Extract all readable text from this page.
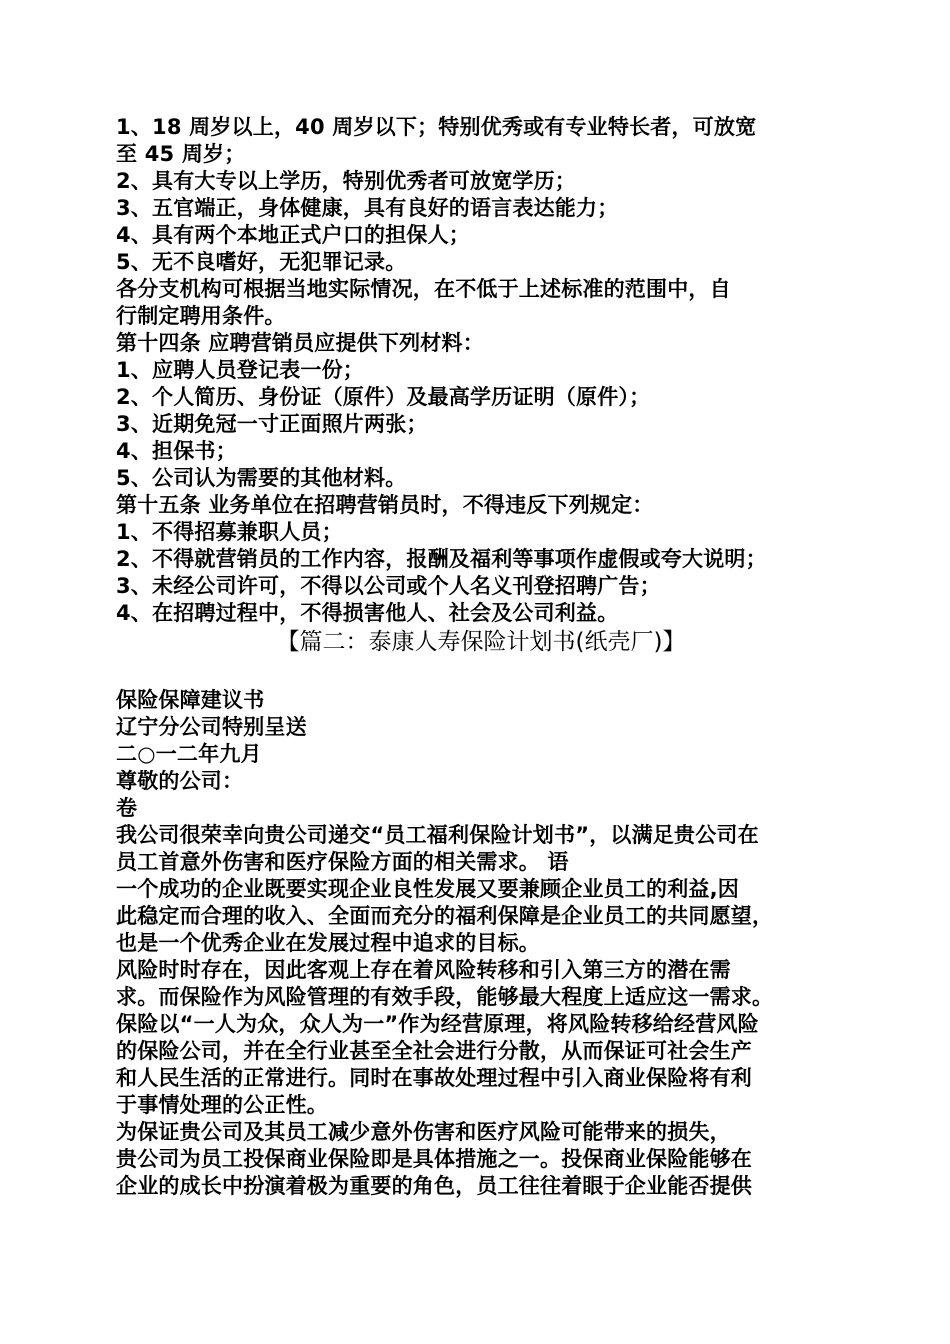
1、18 周岁以上，40 周岁以下；特别优秀或有专业特长者，可放宽
至 45 周岁；
2、具有大专以上学历，特别优秀者可放宽学历；
3、五官端正，身体健康，具有良好的语言表达能力；
4、具有两个本地正式户口的担保人；
5、无不良嗜好，无犯罪记录。
各分支机构可根据当地实际情况，在不低于上述标准的范围中，自
行制定聘用条件。
第十四条 应聘营销员应提供下列材料：
1、应聘人员登记表一份；
2、个人简历、身份证（原件）及最高学历证明（原件）；
3、近期免冠一寸正面照片两张；
4、担保书；
5、公司认为需要的其他材料。
第十五条 业务单位在招聘营销员时，不得违反下列规定：
1、不得招募兼职人员；
2、不得就营销员的工作内容，报酬及福利等事项作虚假或夸大说明；
3、未经公司许可，不得以公司或个人名义刊登招聘广告；
4、在招聘过程中，不得损害他人、社会及公司利益。
【篇二：泰康人寿保险计划书(纸壳厂)】
保险保障建议书
辽宁分公司特别呈送
二○一二年九月
尊敬的公司：
卷
我公司很荣幸向贵公司递交“员工福利保险计划书”，以满足贵公司在
员工首意外伤害和医疗保险方面的相关需求。 语
一个成功的企业既要实现企业良性发展又要兼顾企业员工的利益,因
此稳定而合理的收入、全面而充分的福利保障是企业员工的共同愿望，
也是一个优秀企业在发展过程中追求的目标。
风险时时存在，因此客观上存在着风险转移和引入第三方的潜在需
求。而保险作为风险管理的有效手段，能够最大程度上适应这一需求。
保险以“一人为众，众人为一”作为经营原理，将风险转移给经营风险
的保险公司，并在全行业甚至全社会进行分散，从而保证可社会生产
和人民生活的正常进行。同时在事故处理过程中引入商业保险将有利
于事情处理的公正性。
为保证贵公司及其员工减少意外伤害和医疗风险可能带来的损失，
贵公司为员工投保商业保险即是具体措施之一。投保商业保险能够在
企业的成长中扮演着极为重要的角色，员工往往着眼于企业能否提供
